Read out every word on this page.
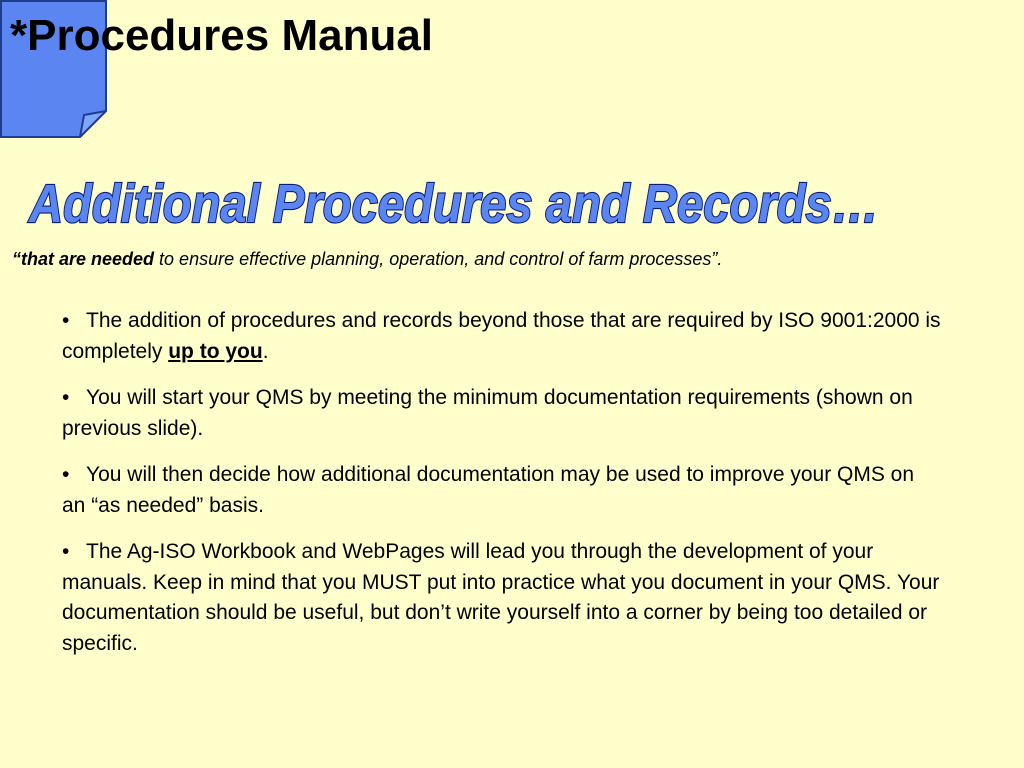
*Procedures Manual
Additional Procedures and Records…

“that are needed to ensure effective planning, operation, and control of farm processes”.

• The addition of procedures and records beyond those that are required by ISO 9001:2000 is completely up to you.
• You will start your QMS by meeting the minimum documentation requirements (shown on previous slide).
• You will then decide how additional documentation may be used to improve your QMS on an “as needed” basis.
• The Ag-ISO Workbook and WebPages will lead you through the development of your manuals. Keep in mind that you MUST put into practice what you document in your QMS. Your documentation should be useful, but don’t write yourself into a corner by being too detailed or specific.
